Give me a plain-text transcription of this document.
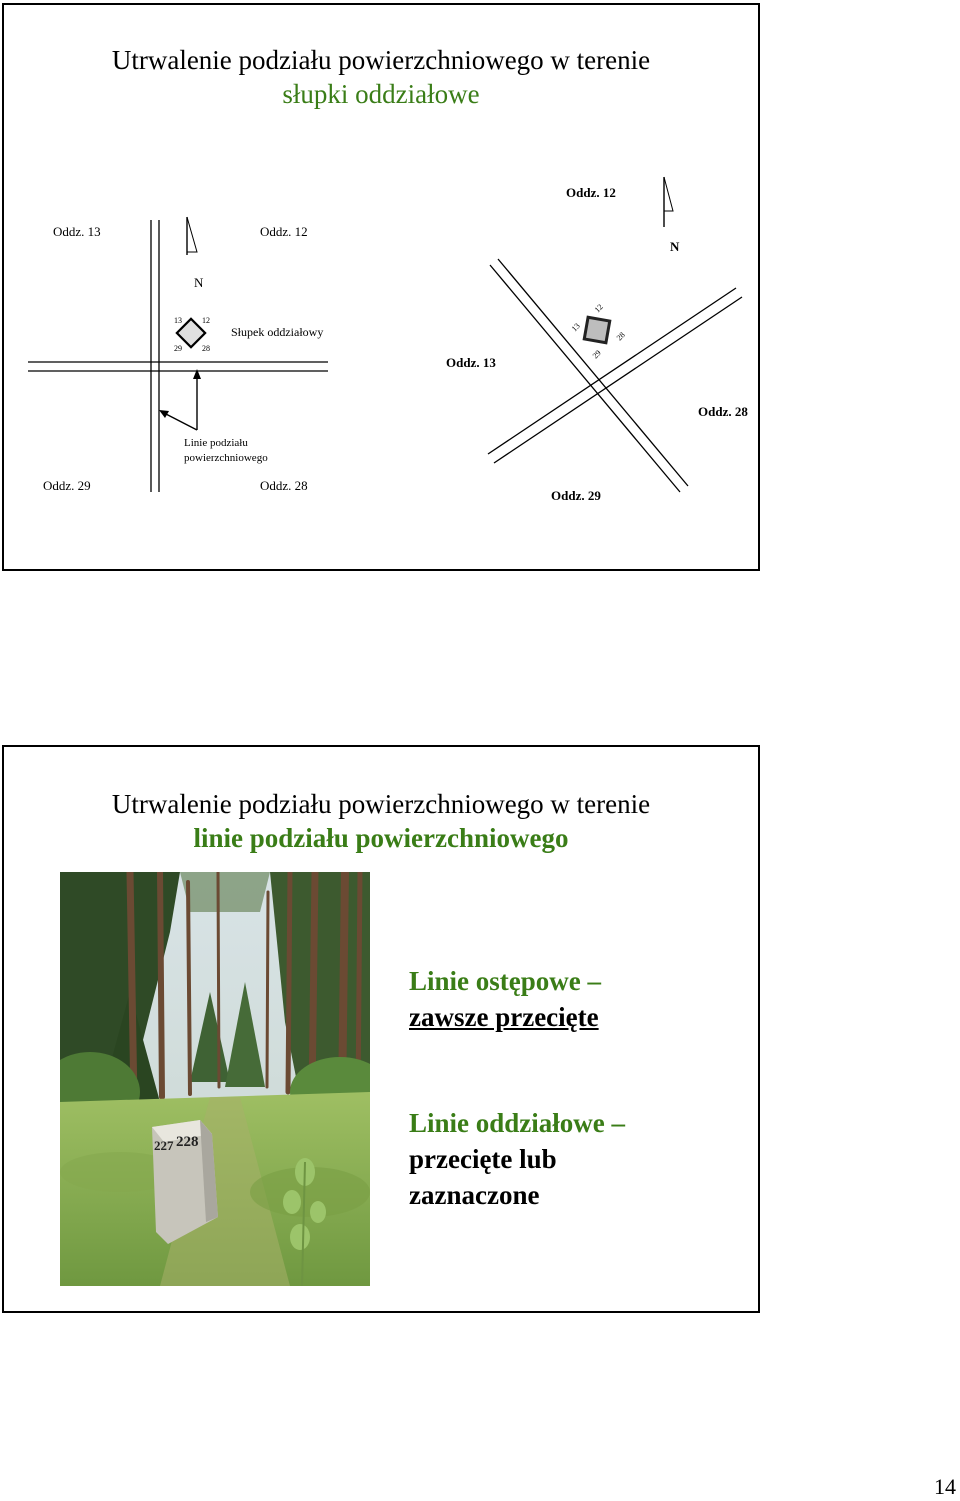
Utrwalenie podziału powierzchniowego w terenie
słupki oddziałowe
N
13	12
29	28
Słupek oddziałowy
Linie podziału
powierzchniowego
Oddz. 13	Oddz. 12
Oddz. 29	Oddz. 28
N
13
12
29
28
Oddz. 12
Oddz. 13
Oddz. 28
Oddz. 29
Utrwalenie podziału powierzchniowego w terenie
linie podziału powierzchniowego
227 228
Linie ostępowe –
zawsze przecięte
Linie oddziałowe –
przecięte lub
zaznaczone
14
